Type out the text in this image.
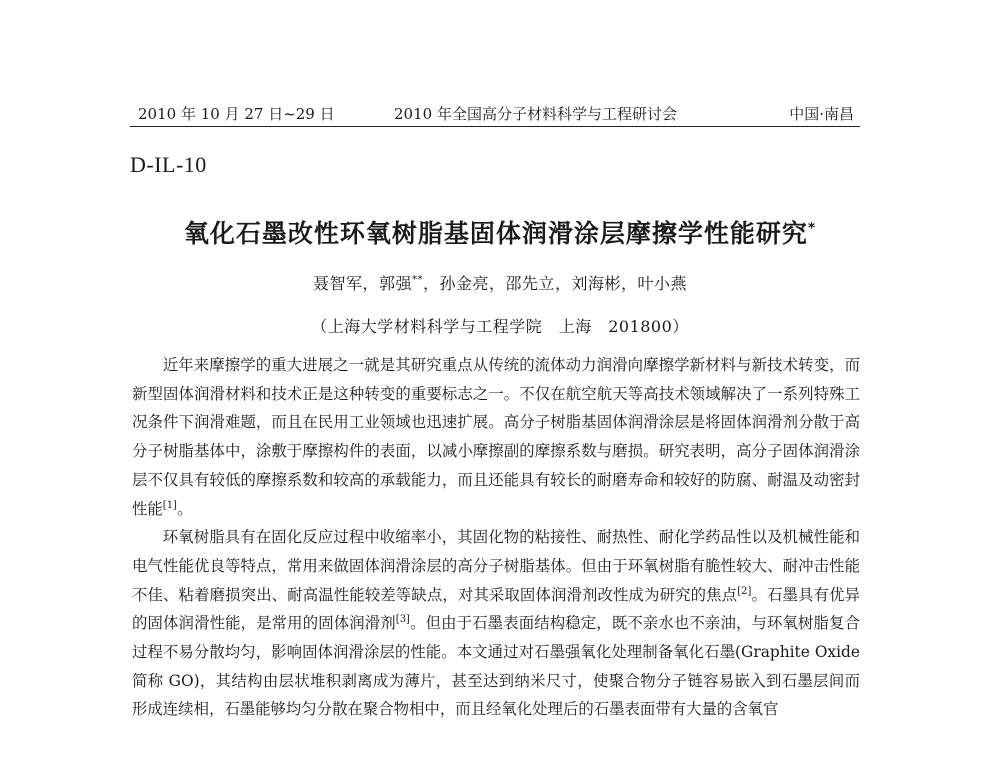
2010 年 10 月 27 日~29 日	2010 年全国高分子材料科学与工程研讨会	中国·南昌
D-IL-10
氧化石墨改性环氧树脂基固体润滑涂层摩擦学性能研究*
聂智军，郭强**，孙金亮，邵先立，刘海彬，叶小燕
（上海大学材料科学与工程学院　上海　201800）

近年来摩擦学的重大进展之一就是其研究重点从传统的流体动力润滑向摩擦学新材料与新技术转变，而新型固体润滑材料和技术正是这种转变的重要标志之一。不仅在航空航天等高技术领域解决了一系列特殊工况条件下润滑难题，而且在民用工业领域也迅速扩展。高分子树脂基固体润滑涂层是将固体润滑剂分散于高分子树脂基体中，涂敷于摩擦构件的表面，以减小摩擦副的摩擦系数与磨损。研究表明，高分子固体润滑涂层不仅具有较低的摩擦系数和较高的承载能力，而且还能具有较长的耐磨寿命和较好的防腐、耐温及动密封性能[1]。

环氧树脂具有在固化反应过程中收缩率小，其固化物的粘接性、耐热性、耐化学药品性以及机械性能和电气性能优良等特点，常用来做固体润滑涂层的高分子树脂基体。但由于环氧树脂有脆性较大、耐冲击性能不佳、粘着磨损突出、耐高温性能较差等缺点，对其采取固体润滑剂改性成为研究的焦点[2]。石墨具有优异的固体润滑性能，是常用的固体润滑剂[3]。但由于石墨表面结构稳定，既不亲水也不亲油，与环氧树脂复合过程不易分散均匀，影响固体润滑涂层的性能。本文通过对石墨强氧化处理制备氧化石墨(Graphite Oxide 简称 GO)，其结构由层状堆积剥离成为薄片，甚至达到纳米尺寸，使聚合物分子链容易嵌入到石墨层间而形成连续相，石墨能够均匀分散在聚合物相中，而且经氧化处理后的石墨表面带有大量的含氧官
